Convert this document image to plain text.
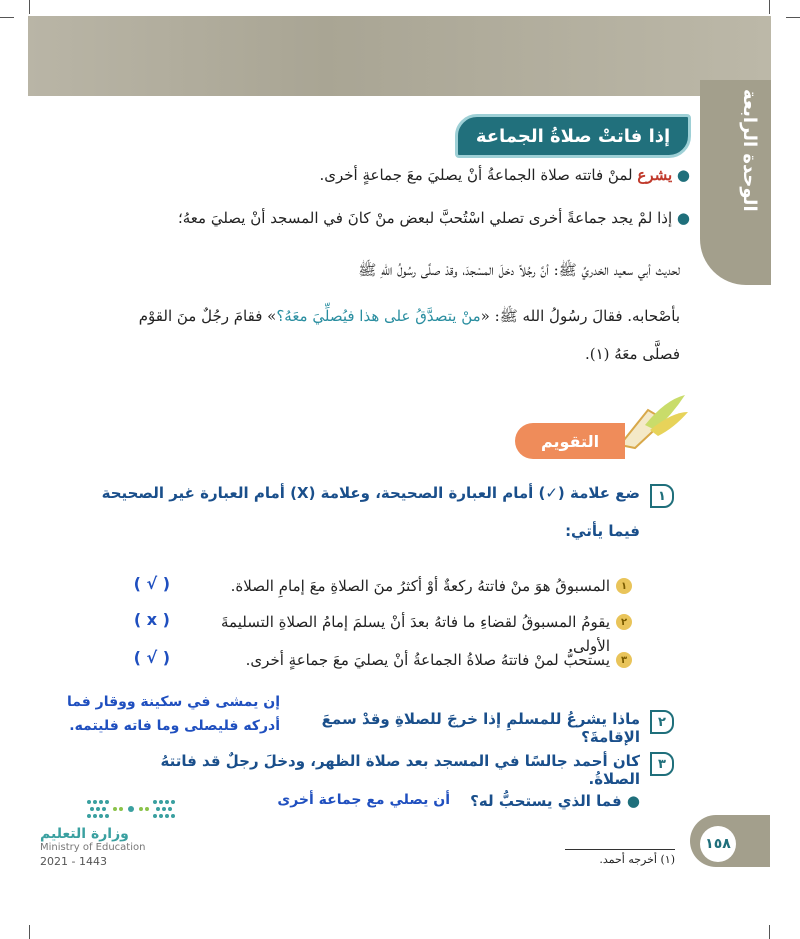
الوحدة الرابعة
إذا فاتتْ صلاةُ الجماعة
● يشرع لمنْ فاتته صلاة الجماعةُ أنْ يصليَ معَ جماعةٍ أخرى.
● إذا لمْ يجد جماعةً أخرى تصلي اسْتُحبَّ لبعض منْ كانَ في المسجد أنْ يصليَ معهُ؛
لحديث أبي سعيد الخدريِّ ﷺ: أنَّ رجُلاً دخلَ المسْجدَ، وقدْ صلَّى رسُولُ اللهِ ﷺ
بأصْحابه. فقالَ رسُولُ الله ﷺ: «منْ يتصدَّقُ على هذا فيُصلِّيَ معَهُ؟» فقامَ رجُلٌ منَ القوْم
فصلَّى معَهُ (١).
التقويم
١
ضع علامة (✓) أمام العبارة الصحيحة، وعلامة (X) أمام العبارة غير الصحيحة
فيما يأتي:
١
المسبوقُ هوَ منْ فاتتهُ ركعةٌ أوْ أكثرُ منَ الصلاةِ معَ إمامِ الصلاة.
( √ )
٢
يقومُ المسبوقُ لقضاءِ ما فاتهُ بعدَ أنْ يسلمَ إمامُ الصلاةِ التسليمةَ الأولى.
( x )
٣
يستحبُّ لمنْ فاتتهُ صلاةُ الجماعةُ أنْ يصليَ معَ جماعةٍ أخرى.
( √ )
٢
ماذا يشرعُ للمسلمِ إذا خرجَ للصلاةِ وقدْ سمعَ الإقامةَ؟
إن يمشى في سكينة ووقار فما
أدركه فليصلى وما فاته فليتمه.
٣
كان أحمد جالسًا في المسجد بعد صلاة الظهر، ودخلَ رجلٌ قد فاتتهُ الصلاةُ.
● فما الذي يستحبُّ له؟
أن يصلي مع جماعة أخرى
وزارة التعليم
Ministry of Education
2021 - 1443	(١) أخرجه أحمد.
١٥٨
